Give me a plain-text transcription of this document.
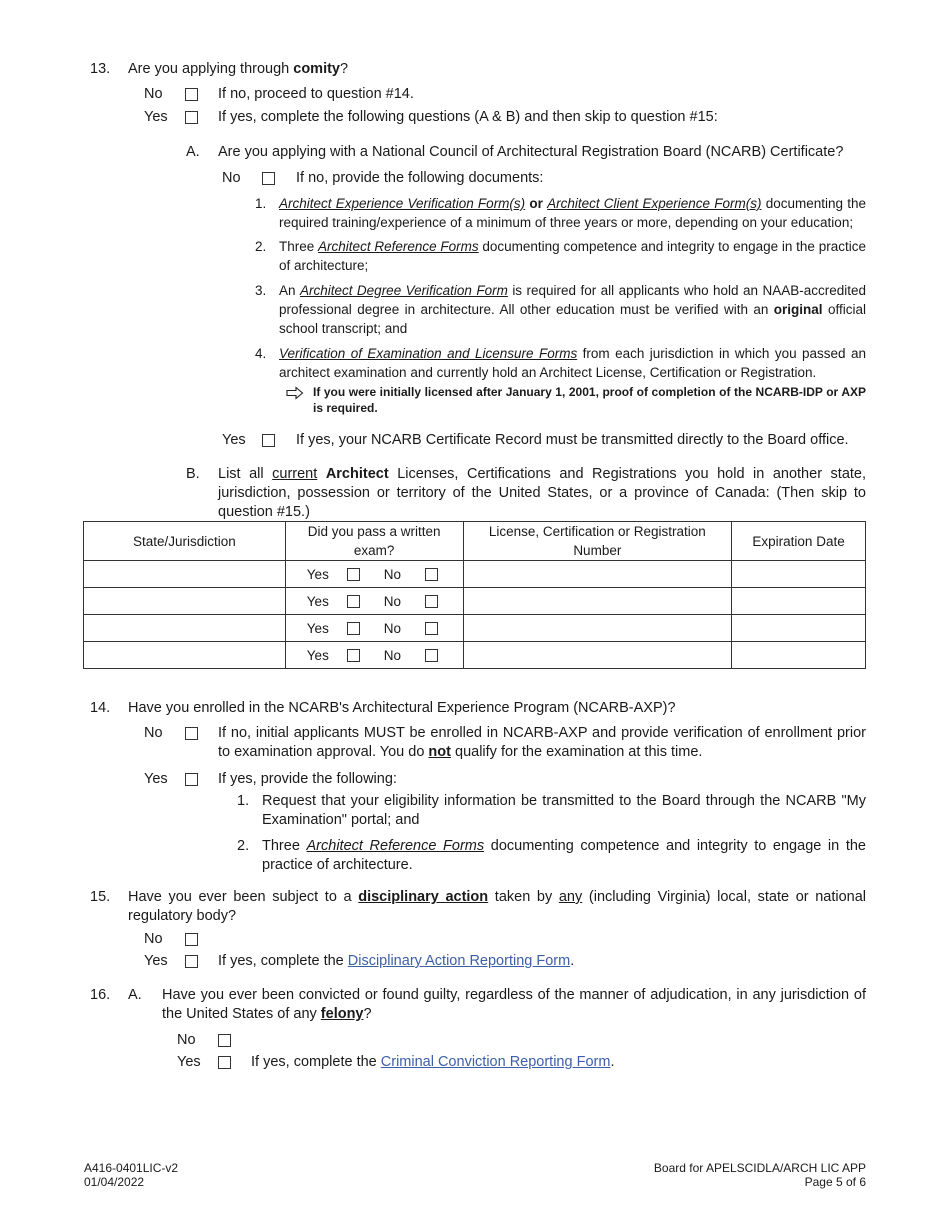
13. Are you applying through comity?
No	If no, proceed to question #14.
Yes	If yes, complete the following questions (A & B) and then skip to question #15:
A. Are you applying with a National Council of Architectural Registration Board (NCARB) Certificate?
No	If no, provide the following documents:
1. Architect Experience Verification Form(s) or Architect Client Experience Form(s) documenting the required training/experience of a minimum of three years or more, depending on your education;
2. Three Architect Reference Forms documenting competence and integrity to engage in the practice of architecture;
3. An Architect Degree Verification Form is required for all applicants who hold an NAAB-accredited professional degree in architecture. All other education must be verified with an original official school transcript; and
4. Verification of Examination and Licensure Forms from each jurisdiction in which you passed an architect examination and currently hold an Architect License, Certification or Registration.
If you were initially licensed after January 1, 2001, proof of completion of the NCARB-IDP or AXP is required.
Yes	If yes, your NCARB Certificate Record must be transmitted directly to the Board office.
B. List all current Architect Licenses, Certifications and Registrations you hold in another state, jurisdiction, possession or territory of the United States, or a province of Canada: (Then skip to question #15.)
State/Jurisdiction	Did you pass a written exam?	License, Certification or Registration Number	Expiration Date

	Yes No		

	Yes No		

	Yes No		

	Yes No		

14. Have you enrolled in the NCARB's Architectural Experience Program (NCARB-AXP)?
No	If no, initial applicants MUST be enrolled in NCARB-AXP and provide verification of enrollment prior to examination approval. You do not qualify for the examination at this time.
Yes	If yes, provide the following:
1. Request that your eligibility information be transmitted to the Board through the NCARB "My Examination" portal; and
2. Three Architect Reference Forms documenting competence and integrity to engage in the practice of architecture.
15. Have you ever been subject to a disciplinary action taken by any (including Virginia) local, state or national regulatory body?
No
Yes	If yes, complete the Disciplinary Action Reporting Form.
16. A. Have you ever been convicted or found guilty, regardless of the manner of adjudication, in any jurisdiction of the United States of any felony?
No
Yes	If yes, complete the Criminal Conviction Reporting Form.
A416-0401LIC-v2
01/04/2022
Board for APELSCIDLA/ARCH LIC APP
Page 5 of 6
